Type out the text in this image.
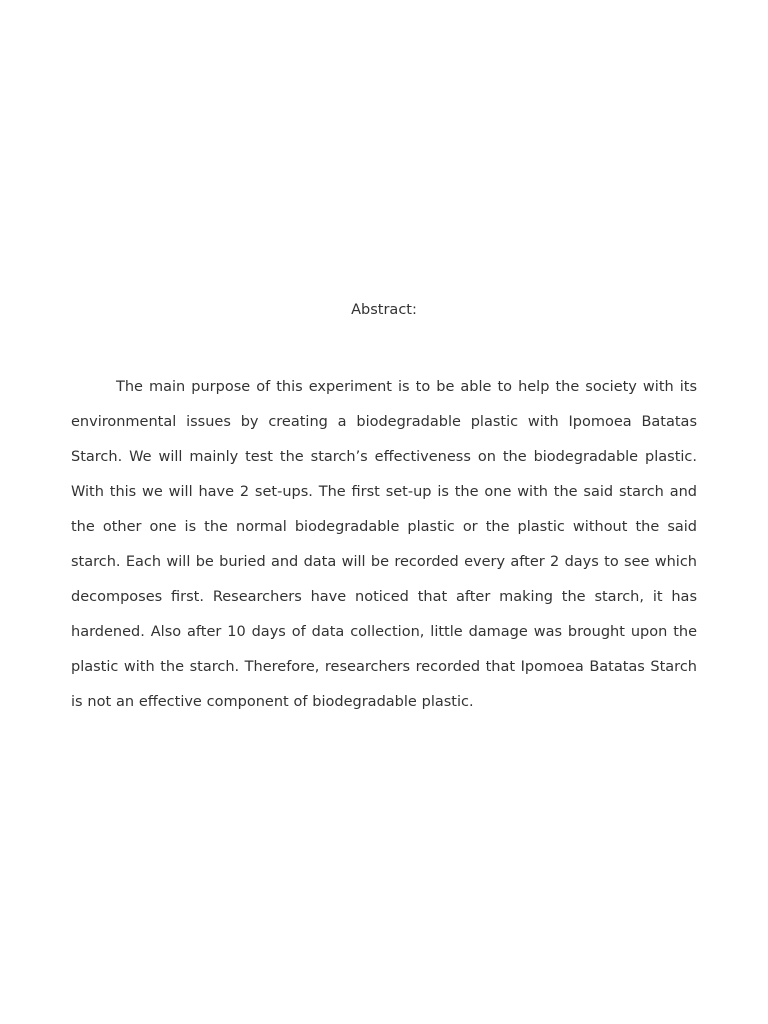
Abstract:

The main purpose of this experiment is to be able to help the society with its environmental issues by creating a biodegradable plastic with Ipomoea Batatas Starch. We will mainly test the starch’s effectiveness on the biodegradable plastic. With this we will have 2 set-ups. The first set-up is the one with the said starch and the other one is the normal biodegradable plastic or the plastic without the said starch. Each will be buried and data will be recorded every after 2 days to see which decomposes first. Researchers have noticed that after making the starch, it has hardened. Also after 10 days of data collection, little damage was brought upon the plastic with the starch. Therefore, researchers recorded that Ipomoea Batatas Starch is not an effective component of biodegradable plastic.
